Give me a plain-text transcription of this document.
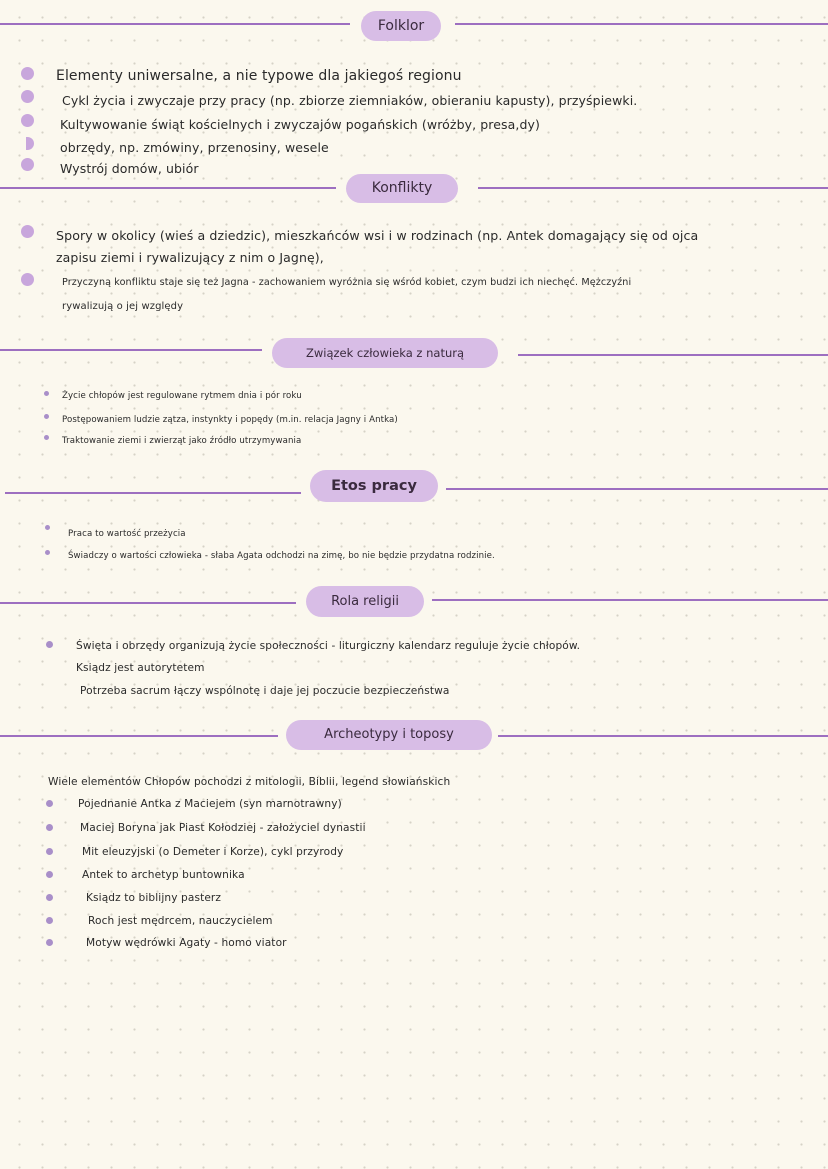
Folklor
Elementy uniwersalne, a nie typowe dla jakiegoś regionu
Cykl życia i zwyczaje przy pracy (np. zbiorze ziemniaków, obieraniu kapusty), przyśpiewki.
Kultywowanie świąt kościelnych i zwyczajów pogańskich (wróżby, presa,dy)
obrzędy, np. zmówiny, przenosiny, wesele
Wystrój domów, ubiór
Konflikty
Spory w okolicy (wieś a dziedzic), mieszkańców wsi i w rodzinach (np. Antek domagający się od ojca
zapisu ziemi i rywalizujący z nim o Jagnę),
Przyczyną konfliktu staje się też Jagna - zachowaniem wyróżnia się wśród kobiet, czym budzi ich niechęć. Mężczyźni
rywalizują o jej względy
Związek człowieka z naturą
Życie chłopów jest regulowane rytmem dnia i pór roku
Postępowaniem ludzie zątza, instynkty i popędy (m.in. relacja Jagny i Antka)
Traktowanie ziemi i zwierząt jako źródło utrzymywania
Etos pracy
Praca to wartość przeżycia
Świadczy o wartości człowieka - słaba Agata odchodzi na zimę, bo nie będzie przydatna rodzinie.
Rola religii
Święta i obrzędy organizują życie społeczności - liturgiczny kalendarz reguluje życie chłopów.
Ksiądz jest autorytetem
Potrzeba sacrum łączy wspólnotę i daje jej poczucie bezpieczeństwa
Archeotypy i toposy
Wiele elementów Chłopów pochodzi z mitologii, Biblii, legend słowiańskich
Pojednanie Antka z Maciejem (syn marnotrawny)
Maciej Boryna jak Piast Kołodziej - założyciel dynastii
Mit eleuzyjski (o Demeter i Korze), cykl przyrody
Antek to archetyp buntownika
Ksiądz to biblijny pasterz
Roch jest mędrcem, nauczycielem
Motyw wędrówki Agaty - homo viator
